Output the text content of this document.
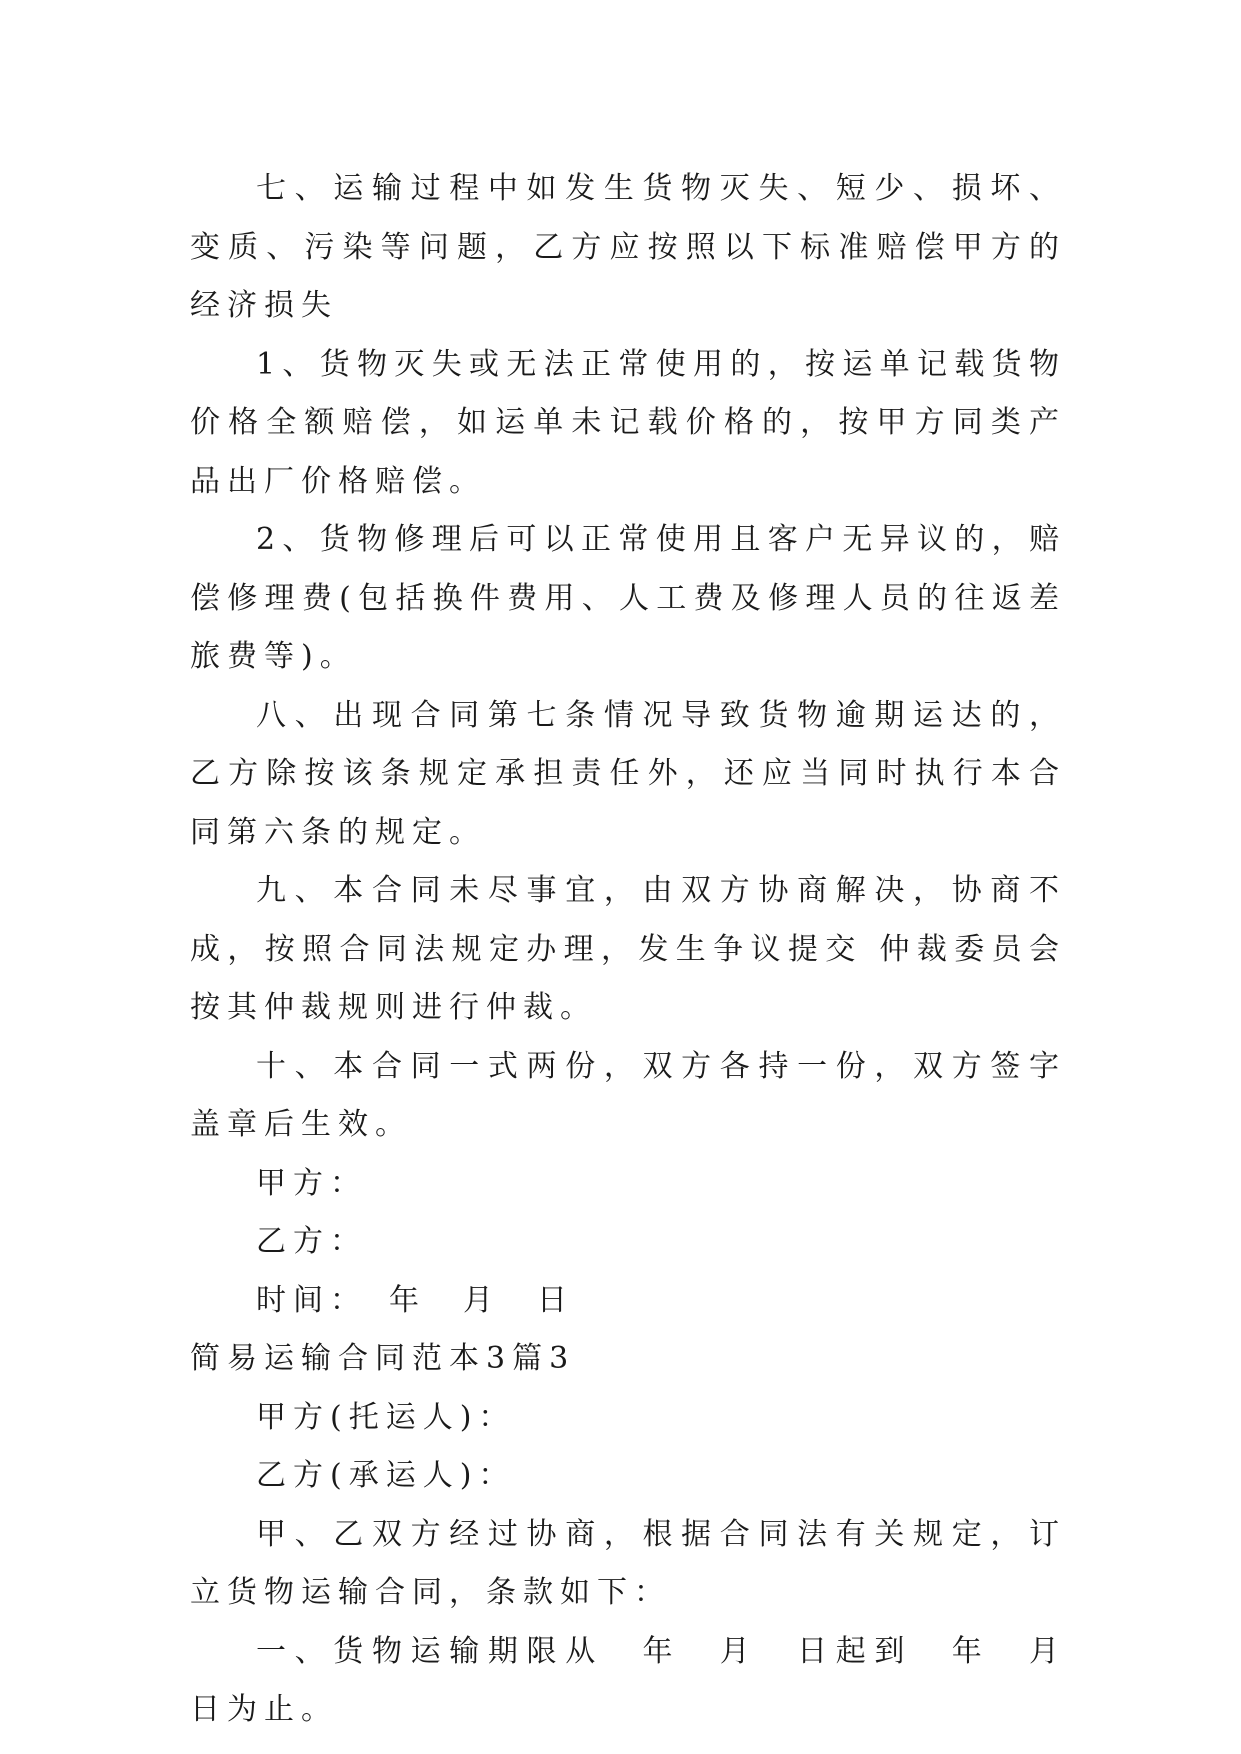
七、运输过程中如发生货物灭失、短少、损坏、变质、污染等问题，乙方应按照以下标准赔偿甲方的经济损失

1、货物灭失或无法正常使用的，按运单记载货物价格全额赔偿，如运单未记载价格的，按甲方同类产品出厂价格赔偿。

2、货物修理后可以正常使用且客户无异议的，赔偿修理费(包括换件费用、人工费及修理人员的往返差旅费等)。

八、出现合同第七条情况导致货物逾期运达的，乙方除按该条规定承担责任外，还应当同时执行本合同第六条的规定。

九、本合同未尽事宜，由双方协商解决，协商不成，按照合同法规定办理，发生争议提交 仲裁委员会按其仲裁规则进行仲裁。

十、本合同一式两份，双方各持一份，双方签字盖章后生效。

甲方：

乙方：

时间：　年　月　日

简易运输合同范本3篇3

甲方(托运人)：

乙方(承运人)：

甲、乙双方经过协商，根据合同法有关规定，订立货物运输合同，条款如下：

一、货物运输期限从　年　月　日起到　年　月　日为止。
